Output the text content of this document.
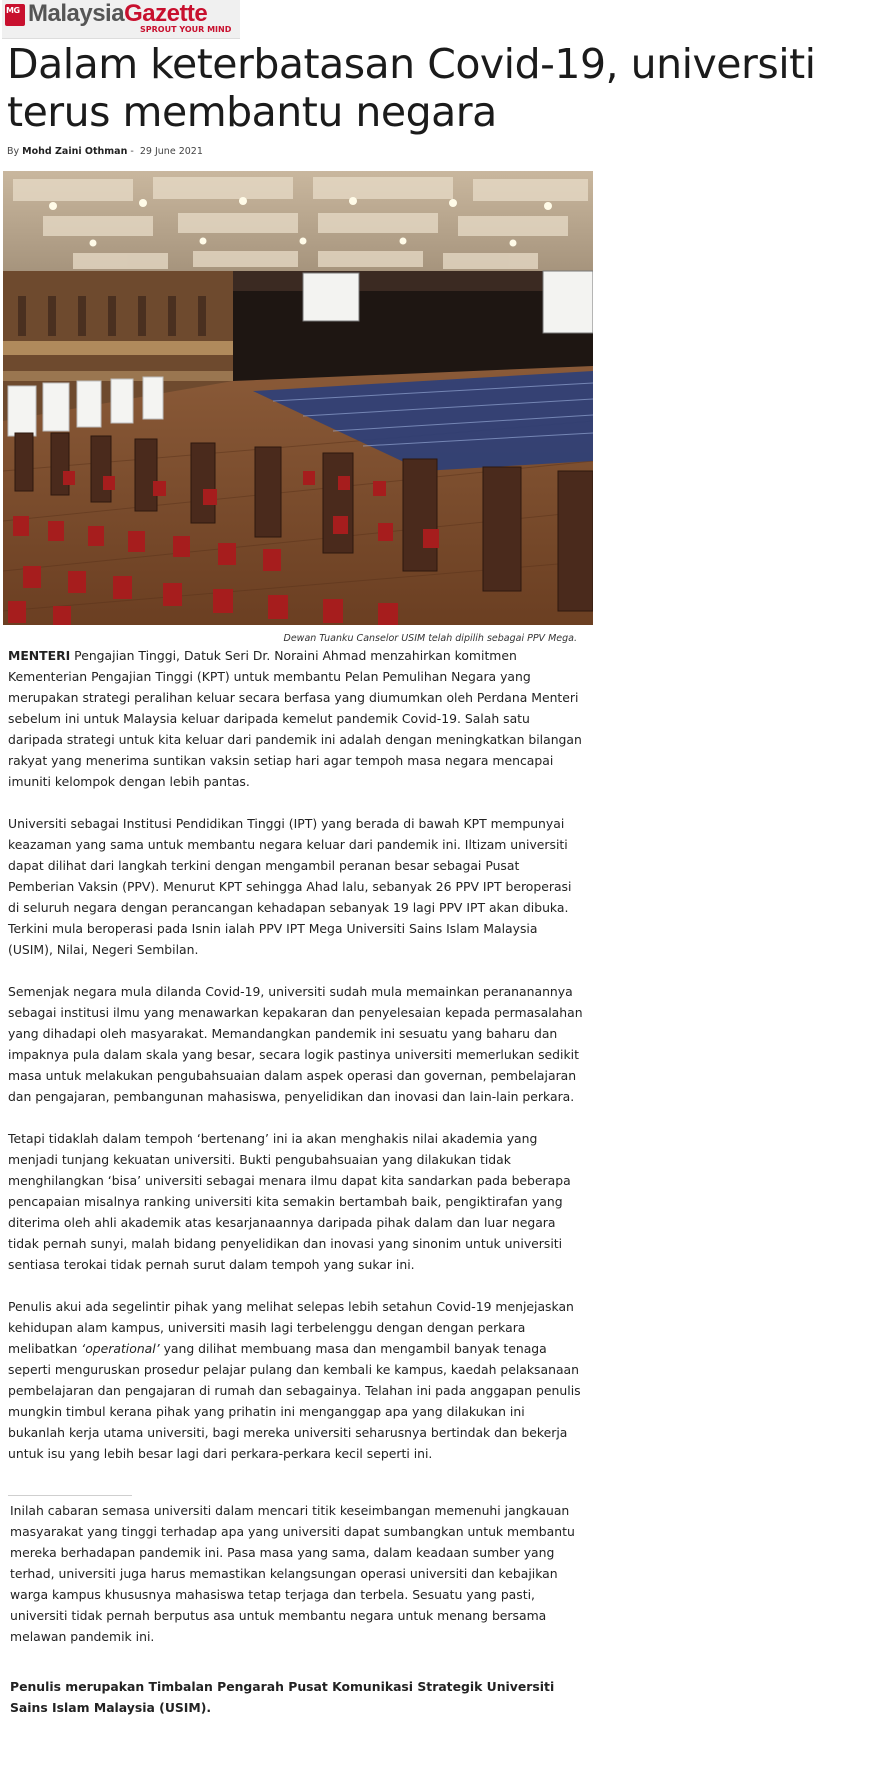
MG MalaysiaGazette
SPROUT YOUR MIND
Dalam keterbatasan Covid-19, universiti terus membantu negara
By Mohd Zaini Othman - 29 June 2021
Dewan Tuanku Canselor USIM telah dipilih sebagai PPV Mega.

MENTERI Pengajian Tinggi, Datuk Seri Dr. Noraini Ahmad menzahirkan komitmen Kementerian Pengajian Tinggi (KPT) untuk membantu Pelan Pemulihan Negara yang merupakan strategi peralihan keluar secara berfasa yang diumumkan oleh Perdana Menteri sebelum ini untuk Malaysia keluar daripada kemelut pandemik Covid-19. Salah satu daripada strategi untuk kita keluar dari pandemik ini adalah dengan meningkatkan bilangan rakyat yang menerima suntikan vaksin setiap hari agar tempoh masa negara mencapai imuniti kelompok dengan lebih pantas.

Universiti sebagai Institusi Pendidikan Tinggi (IPT) yang berada di bawah KPT mempunyai keazaman yang sama untuk membantu negara keluar dari pandemik ini. Iltizam universiti dapat dilihat dari langkah terkini dengan mengambil peranan besar sebagai Pusat Pemberian Vaksin (PPV). Menurut KPT sehingga Ahad lalu, sebanyak 26 PPV IPT beroperasi di seluruh negara dengan perancangan kehadapan sebanyak 19 lagi PPV IPT akan dibuka. Terkini mula beroperasi pada Isnin ialah PPV IPT Mega Universiti Sains Islam Malaysia (USIM), Nilai, Negeri Sembilan.

Semenjak negara mula dilanda Covid-19, universiti sudah mula memainkan perananannya sebagai institusi ilmu yang menawarkan kepakaran dan penyelesaian kepada permasalahan yang dihadapi oleh masyarakat. Memandangkan pandemik ini sesuatu yang baharu dan impaknya pula dalam skala yang besar, secara logik pastinya universiti memerlukan sedikit masa untuk melakukan pengubahsuaian dalam aspek operasi dan governan, pembelajaran dan pengajaran, pembangunan mahasiswa, penyelidikan dan inovasi dan lain-lain perkara.

Tetapi tidaklah dalam tempoh ‘bertenang’ ini ia akan menghakis nilai akademia yang menjadi tunjang kekuatan universiti. Bukti pengubahsuaian yang dilakukan tidak menghilangkan ‘bisa’ universiti sebagai menara ilmu dapat kita sandarkan pada beberapa pencapaian misalnya ranking universiti kita semakin bertambah baik, pengiktirafan yang diterima oleh ahli akademik atas kesarjanaannya daripada pihak dalam dan luar negara tidak pernah sunyi, malah bidang penyelidikan dan inovasi yang sinonim untuk universiti sentiasa terokai tidak pernah surut dalam tempoh yang sukar ini.

Penulis akui ada segelintir pihak yang melihat selepas lebih setahun Covid-19 menjejaskan kehidupan alam kampus, universiti masih lagi terbelenggu dengan dengan perkara melibatkan ‘operational’ yang dilihat membuang masa dan mengambil banyak tenaga seperti menguruskan prosedur pelajar pulang dan kembali ke kampus, kaedah pelaksanaan pembelajaran dan pengajaran di rumah dan sebagainya. Telahan ini pada anggapan penulis mungkin timbul kerana pihak yang prihatin ini menganggap apa yang dilakukan ini bukanlah kerja utama universiti, bagi mereka universiti seharusnya bertindak dan bekerja untuk isu yang lebih besar lagi dari perkara-perkara kecil seperti ini.

Inilah cabaran semasa universiti dalam mencari titik keseimbangan memenuhi jangkauan masyarakat yang tinggi terhadap apa yang universiti dapat sumbangkan untuk membantu mereka berhadapan pandemik ini. Pasa masa yang sama, dalam keadaan sumber yang terhad, universiti juga harus memastikan kelangsungan operasi universiti dan kebajikan warga kampus khususnya mahasiswa tetap terjaga dan terbela. Sesuatu yang pasti, universiti tidak pernah berputus asa untuk membantu negara untuk menang bersama melawan pandemik ini.

Penulis merupakan Timbalan Pengarah Pusat Komunikasi Strategik Universiti Sains Islam Malaysia (USIM).
